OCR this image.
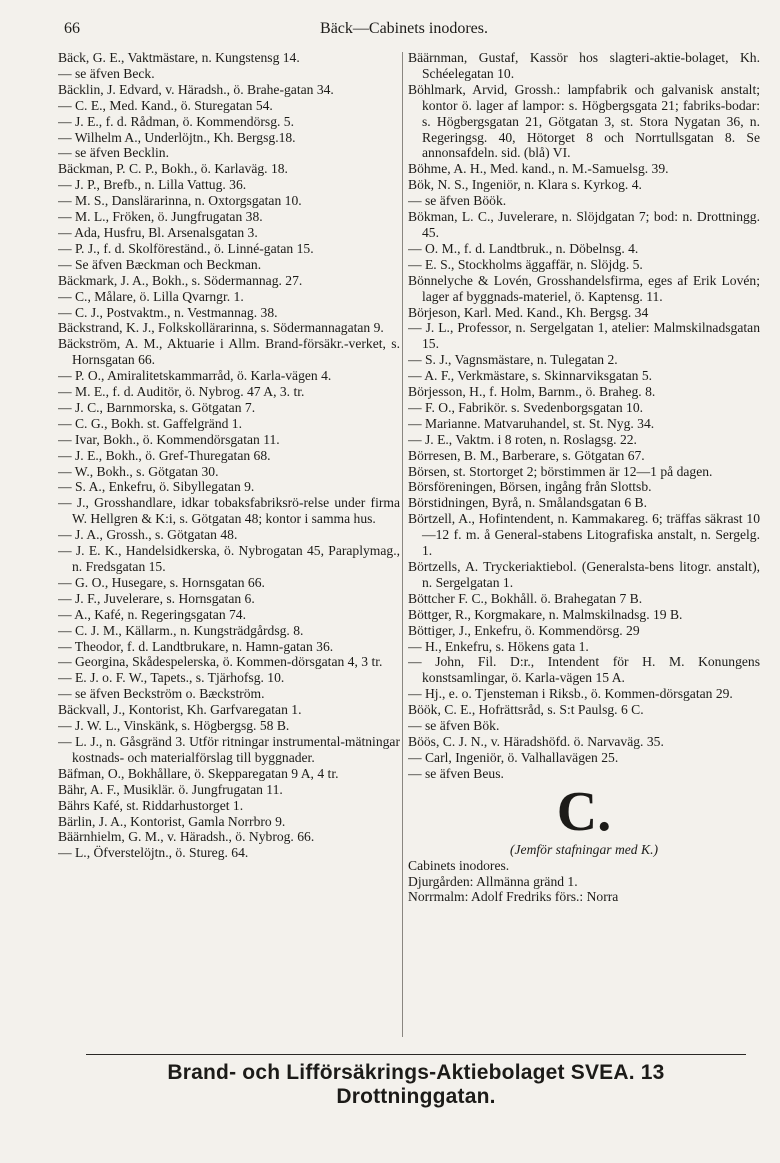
66	Bäck—Cabinets inodores.

Bäck, G. E., Vaktmästare, n. Kungstensg 14.

— se äfven Beck.

Bäcklin, J. Edvard, v. Häradsh., ö. Brahe-gatan 34.

— C. E., Med. Kand., ö. Sturegatan 54.

— J. E., f. d. Rådman, ö. Kommendörsg. 5.

— Wilhelm A., Underlöjtn., Kh. Bergsg.18.

— se äfven Becklin.

Bäckman, P. C. P., Bokh., ö. Karlaväg. 18.

— J. P., Brefb., n. Lilla Vattug. 36.

— M. S., Danslärarinna, n. Oxtorgsgatan 10.

— M. L., Fröken, ö. Jungfrugatan 38.

— Ada, Husfru, Bl. Arsenalsgatan 3.

— P. J., f. d. Skolföreständ., ö. Linné-gatan 15.

— Se äfven Bæckman och Beckman.

Bäckmark, J. A., Bokh., s. Södermannag. 27.

— C., Målare, ö. Lilla Qvarngr. 1.

— C. J., Postvaktm., n. Vestmannag. 38.

Bäckstrand, K. J., Folkskollärarinna, s. Södermannagatan 9.

Bäckström, A. M., Aktuarie i Allm. Brand-försäkr.-verket, s. Hornsgatan 66.

— P. O., Amiralitetskammarråd, ö. Karla-vägen 4.

— M. E., f. d. Auditör, ö. Nybrog. 47 A, 3. tr.

— J. C., Barnmorska, s. Götgatan 7.

— C. G., Bokh. st. Gaffelgränd 1.

— Ivar, Bokh., ö. Kommendörsgatan 11.

— J. E., Bokh., ö. Gref-Thuregatan 68.

— W., Bokh., s. Götgatan 30.

— S. A., Enkefru, ö. Sibyllegatan 9.

— J., Grosshandlare, idkar tobaksfabriksrö-relse under firma W. Hellgren & K:i, s. Götgatan 48; kontor i samma hus.

— J. A., Grossh., s. Götgatan 48.

— J. E. K., Handelsidkerska, ö. Nybrogatan 45, Paraplymag., n. Fredsgatan 15.

— G. O., Husegare, s. Hornsgatan 66.

— J. F., Juvelerare, s. Hornsgatan 6.

— A., Kafé, n. Regeringsgatan 74.

— C. J. M., Källarm., n. Kungsträdgårdsg. 8.

— Theodor, f. d. Landtbrukare, n. Hamn-gatan 36.

— Georgina, Skådespelerska, ö. Kommen-dörsgatan 4, 3 tr.

— E. J. o. F. W., Tapets., s. Tjärhofsg. 10.

— se äfven Beckström o. Bæckström.

Bäckvall, J., Kontorist, Kh. Garfvaregatan 1.

— J. W. L., Vinskänk, s. Högbergsg. 58 B.

— L. J., n. Gåsgränd 3. Utför ritningar instrumental-mätningar kostnads- och materialförslag till byggnader.

Bäfman, O., Bokhållare, ö. Skepparegatan 9 A, 4 tr.

Bähr, A. F., Musiklär. ö. Jungfrugatan 11.

Bährs Kafé, st. Riddarhustorget 1.

Bärlin, J. A., Kontorist, Gamla Norrbro 9.

Bäärnhielm, G. M., v. Häradsh., ö. Nybrog. 66.

— L., Öfverstelöjtn., ö. Stureg. 64.

Bäärnman, Gustaf, Kassör hos slagteri-aktie-bolaget, Kh. Schéelegatan 10.

Böhlmark, Arvid, Grossh.: lampfabrik och galvanisk anstalt; kontor ö. lager af lampor: s. Högbergsgata 21; fabriks-bodar: s. Högbergsgatan 21, Götgatan 3, st. Stora Nygatan 36, n. Regeringsg. 40, Hötorget 8 och Norrtullsgatan 8. Se annonsafdeln. sid. (blå) VI.

Böhme, A. H., Med. kand., n. M.-Samuelsg. 39.

Bök, N. S., Ingeniör, n. Klara s. Kyrkog. 4.

— se äfven Böök.

Bökman, L. C., Juvelerare, n. Slöjdgatan 7; bod: n. Drottningg. 45.

— O. M., f. d. Landtbruk., n. Döbelnsg. 4.

— E. S., Stockholms äggaffär, n. Slöjdg. 5.

Bönnelyche & Lovén, Grosshandelsfirma, eges af Erik Lovén; lager af byggnads-materiel, ö. Kaptensg. 11.

Börjeson, Karl. Med. Kand., Kh. Bergsg. 34

— J. L., Professor, n. Sergelgatan 1, atelier: Malmskilnadsgatan 15.

— S. J., Vagnsmästare, n. Tulegatan 2.

— A. F., Verkmästare, s. Skinnarviksgatan 5.

Börjesson, H., f. Holm, Barnm., ö. Braheg. 8.

— F. O., Fabrikör. s. Svedenborgsgatan 10.

— Marianne. Matvaruhandel, st. St. Nyg. 34.

— J. E., Vaktm. i 8 roten, n. Roslagsg. 22.

Börresen, B. M., Barberare, s. Götgatan 67.

Börsen, st. Stortorget 2; börstimmen är 12—1 på dagen.

Börsföreningen, Börsen, ingång från Slottsb.

Börstidningen, Byrå, n. Smålandsgatan 6 B.

Börtzell, A., Hofintendent, n. Kammakareg. 6; träffas säkrast 10—12 f. m. å General-stabens Litografiska anstalt, n. Sergelg. 1.

Börtzells, A. Tryckeriaktiebol. (Generalsta-bens litogr. anstalt), n. Sergelgatan 1.

Böttcher F. C., Bokhåll. ö. Brahegatan 7 B.

Böttger, R., Korgmakare, n. Malmskilnadsg. 19 B.

Böttiger, J., Enkefru, ö. Kommendörsg. 29

— H., Enkefru, s. Hökens gata 1.

— John, Fil. D:r., Intendent för H. M. Konungens konstsamlingar, ö. Karla-vägen 15 A.

— Hj., e. o. Tjensteman i Riksb., ö. Kommen-dörsgatan 29.

Böök, C. E., Hofrättsråd, s. S:t Paulsg. 6 C.

— se äfven Bök.

Böös, C. J. N., v. Häradshöfd. ö. Narvaväg. 35.

— Carl, Ingeniör, ö. Valhallavägen 25.

— se äfven Beus.

C.

(Jemför stafningar med K.)

Cabinets inodores.

Djurgården: Allmänna gränd 1.

Norrmalm: Adolf Fredriks förs.: Norra

Brand- och Lifförsäkrings-Aktiebolaget SVEA. 13 Drottninggatan.
